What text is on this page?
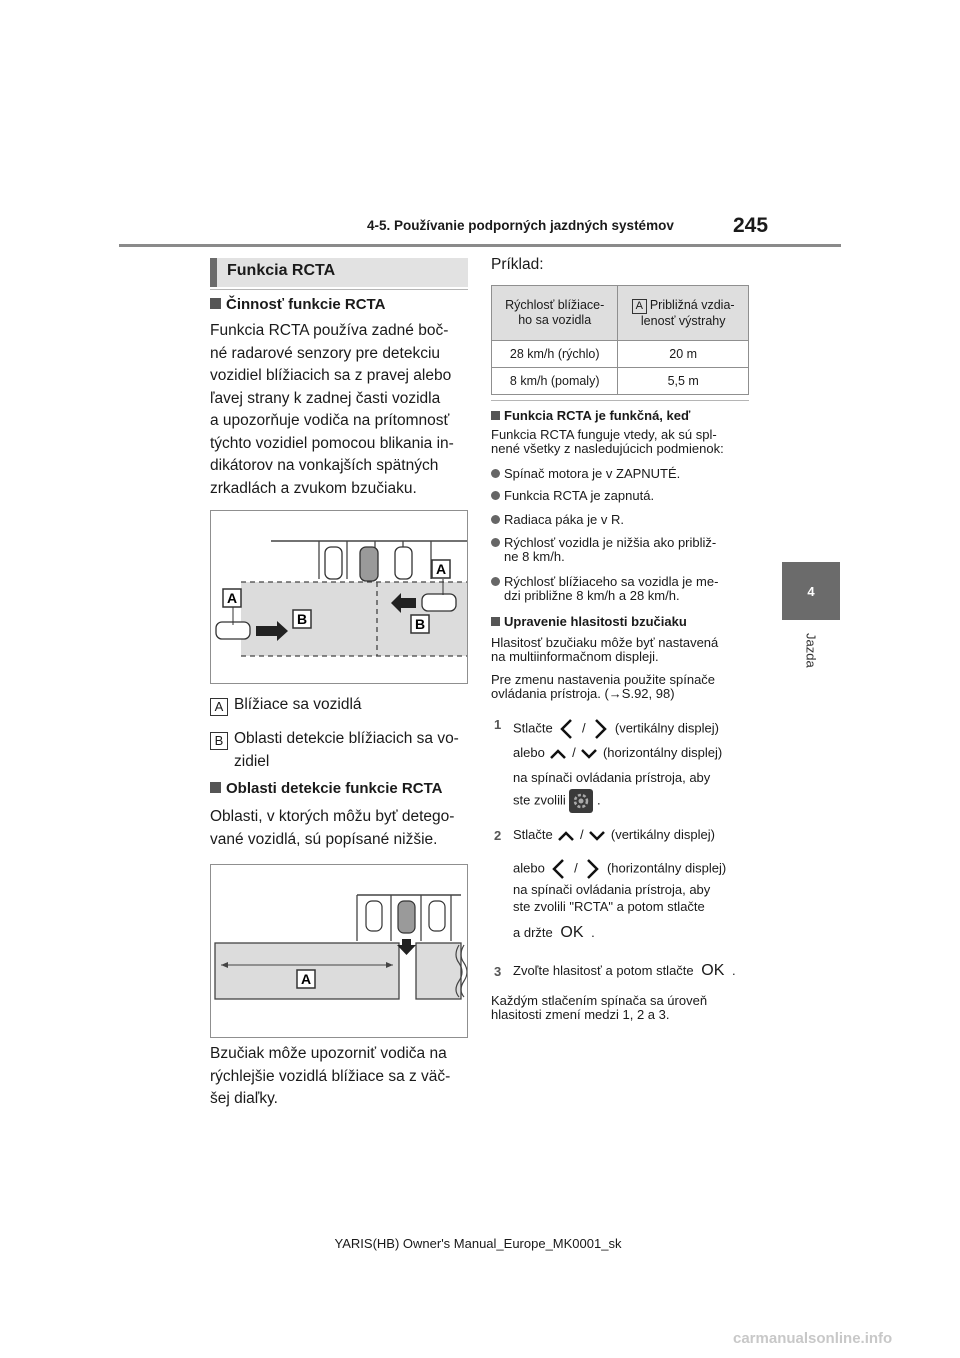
4-5. Používanie podporných jazdných systémov	245
4
Jazda
Funkcia RCTA
Činnosť funkcie RCTA
Funkcia RCTA používa zadné boč-
né radarové senzory pre detekciu
vozidiel blížiacich sa z pravej alebo
ľavej strany k zadnej časti vozidla
a upozorňuje vodiča na prítomnosť
týchto vozidiel pomocou blikania in-
dikátorov na vonkajších spätných
zrkadlách a zvukom bzučiaku.
A
A
B	B
A Blížiace sa vozidlá
B Oblasti detekcie blížiacich sa vo-
zidiel
Oblasti detekcie funkcie RCTA
Oblasti, v ktorých môžu byť detego-
vané vozidlá, sú popísané nižšie.
A
Bzučiak môže upozorniť vodiča na
rýchlejšie vozidlá blížiace sa z väč-
šej diaľky.
Príklad:
Rýchlosť blížiace-
ho sa vozidla	A Približná vzdia-
lenosť výstrahy
28 km/h (rýchlo)	20 m
8 km/h (pomaly)	5,5 m
Funkcia RCTA je funkčná, keď
Funkcia RCTA funguje vtedy, ak sú spl-
nené všetky z nasledujúcich podmienok:
Spínač motora je v ZAPNUTÉ.
Funkcia RCTA je zapnutá.
Radiaca páka je v R.
Rýchlosť vozidla je nižšia ako približ-
ne 8 km/h.
Rýchlosť blížiaceho sa vozidla je me-
dzi približne 8 km/h a 28 km/h.
Upravenie hlasitosti bzučiaku
Hlasitosť bzučiaku môže byť nastavená
na multiinformačnom displeji.
Pre zmenu nastavenia použite spínače
ovládania prístroja. (→S.92, 98)
1 Stlačte / (vertikálny displej)
alebo / (horizontálny displej)
na spínači ovládania prístroja, aby
ste zvolili .
2 Stlačte / (vertikálny displej)
alebo / (horizontálny displej)
na spínači ovládania prístroja, aby
ste zvolili "RCTA" a potom stlačte
a držte OK .
3 Zvoľte hlasitosť a potom stlačte OK .
Každým stlačením spínača sa úroveň
hlasitosti zmení medzi 1, 2 a 3.
YARIS(HB) Owner's Manual_Europe_MK0001_sk
carmanualsonline.info
